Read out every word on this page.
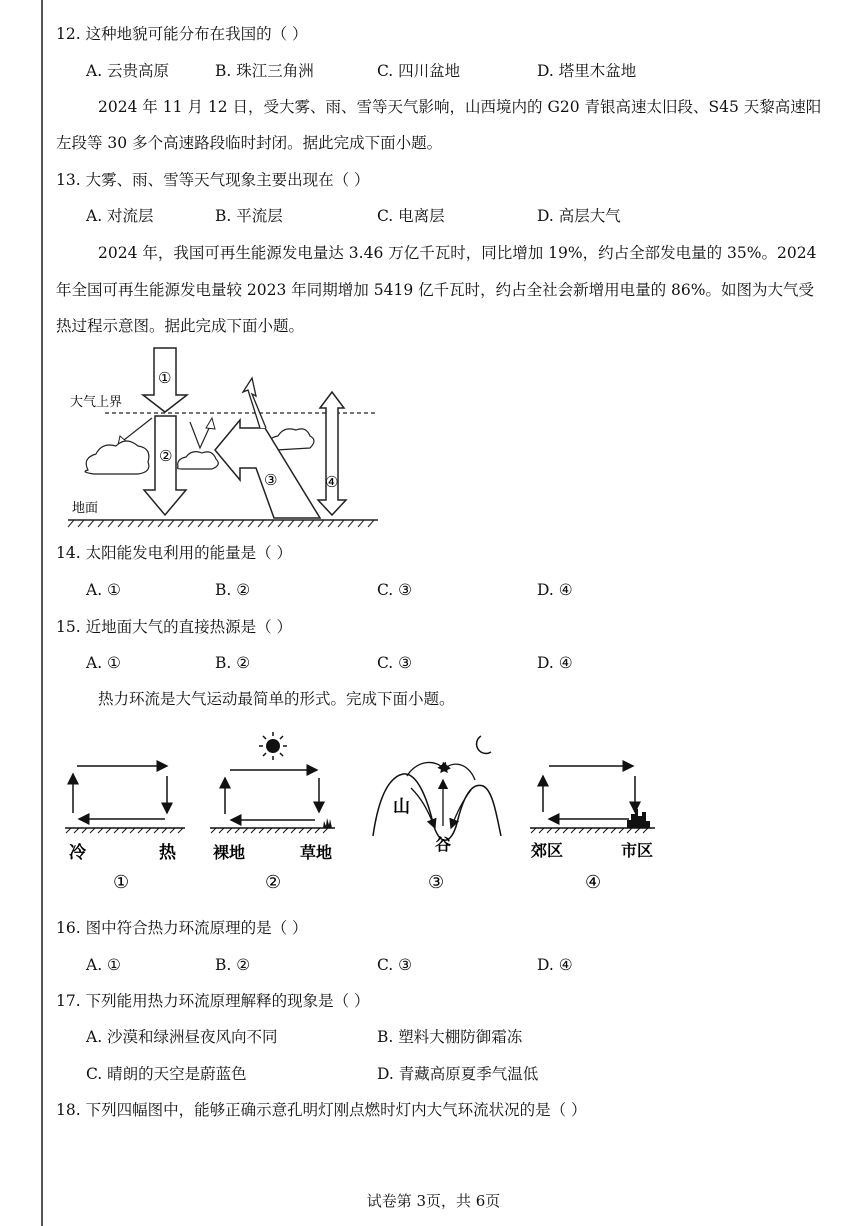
12. 这种地貌可能分布在我国的（ ）
A. 云贵高原	B. 珠江三角洲	C. 四川盆地	D. 塔里木盆地
2024 年 11 月 12 日，受大雾、雨、雪等天气影响，山西境内的 G20 青银高速太旧段、S45 天黎高速阳
左段等 30 多个高速路段临时封闭。据此完成下面小题。
13. 大雾、雨、雪等天气现象主要出现在（ ）
A. 对流层	B. 平流层	C. 电离层	D. 高层大气
2024 年，我国可再生能源发电量达 3.46 万亿千瓦时，同比增加 19%，约占全部发电量的 35%。2024
年全国可再生能源发电量较 2023 年同期增加 5419 亿千瓦时，约占全社会新增用电量的 86%。如图为大气受
热过程示意图。据此完成下面小题。
大气上界
地面
①
②
③	④
14. 太阳能发电利用的能量是（ ）
A. ①	B. ②	C. ③	D. ④
15. 近地面大气的直接热源是（ ）
A. ①	B. ②	C. ③	D. ④
热力环流是大气运动最简单的形式。完成下面小题。
冷	热
①
裸地	草地
②
山
谷
③
郊区	市区
④
16. 图中符合热力环流原理的是（ ）
A. ①	B. ②	C. ③	D. ④
17. 下列能用热力环流原理解释的现象是（ ）
A. 沙漠和绿洲昼夜风向不同	B. 塑料大棚防御霜冻
C. 晴朗的天空是蔚蓝色	D. 青藏高原夏季气温低
18. 下列四幅图中，能够正确示意孔明灯刚点燃时灯内大气环流状况的是（ ）
试卷第 3页，共 6页
